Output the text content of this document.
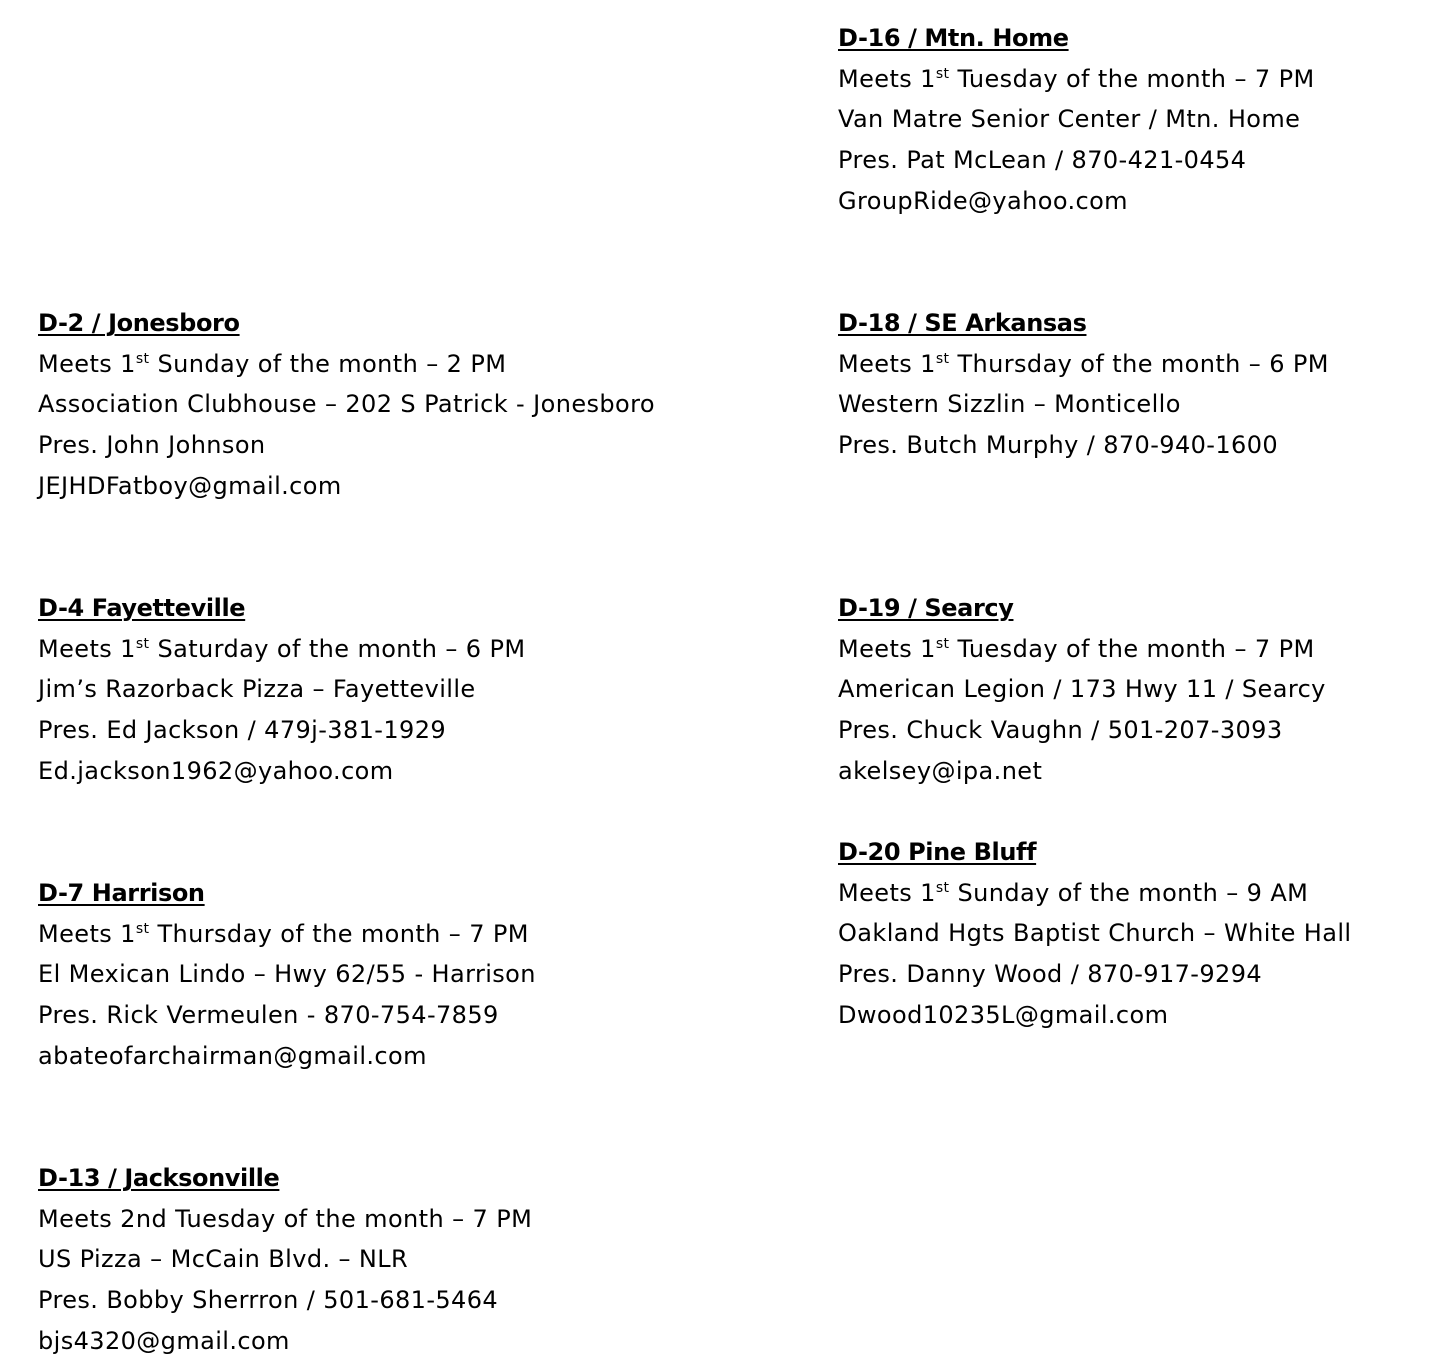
D-16 / Mtn. Home
Meets 1st Tuesday of the month – 7 PM
Van Matre Senior Center / Mtn. Home
Pres. Pat McLean / 870-421-0454
GroupRide@yahoo.com
D-2 / Jonesboro
Meets 1st Sunday of the month – 2 PM
Association Clubhouse – 202 S Patrick - Jonesboro
Pres. John Johnson
JEJHDFatboy@gmail.com
D-18 / SE Arkansas
Meets 1st Thursday of the month – 6 PM
Western Sizzlin – Monticello
Pres. Butch Murphy / 870-940-1600
D-4 Fayetteville
Meets 1st Saturday of the month – 6 PM
Jim’s Razorback Pizza – Fayetteville
Pres. Ed Jackson / 479j-381-1929
Ed.jackson1962@yahoo.com
D-19 / Searcy
Meets 1st Tuesday of the month – 7 PM
American Legion / 173 Hwy 11 / Searcy
Pres. Chuck Vaughn / 501-207-3093
akelsey@ipa.net
D-20 Pine Bluff
Meets 1st Sunday of the month – 9 AM
Oakland Hgts Baptist Church – White Hall
Pres. Danny Wood / 870-917-9294
Dwood10235L@gmail.com
D-7 Harrison
Meets 1st Thursday of the month – 7 PM
El Mexican Lindo – Hwy 62/55 - Harrison
Pres. Rick Vermeulen - 870-754-7859
abateofarchairman@gmail.com
D-13 / Jacksonville
Meets 2nd Tuesday of the month – 7 PM
US Pizza – McCain Blvd. – NLR
Pres. Bobby Sherrron / 501-681-5464
bjs4320@gmail.com
